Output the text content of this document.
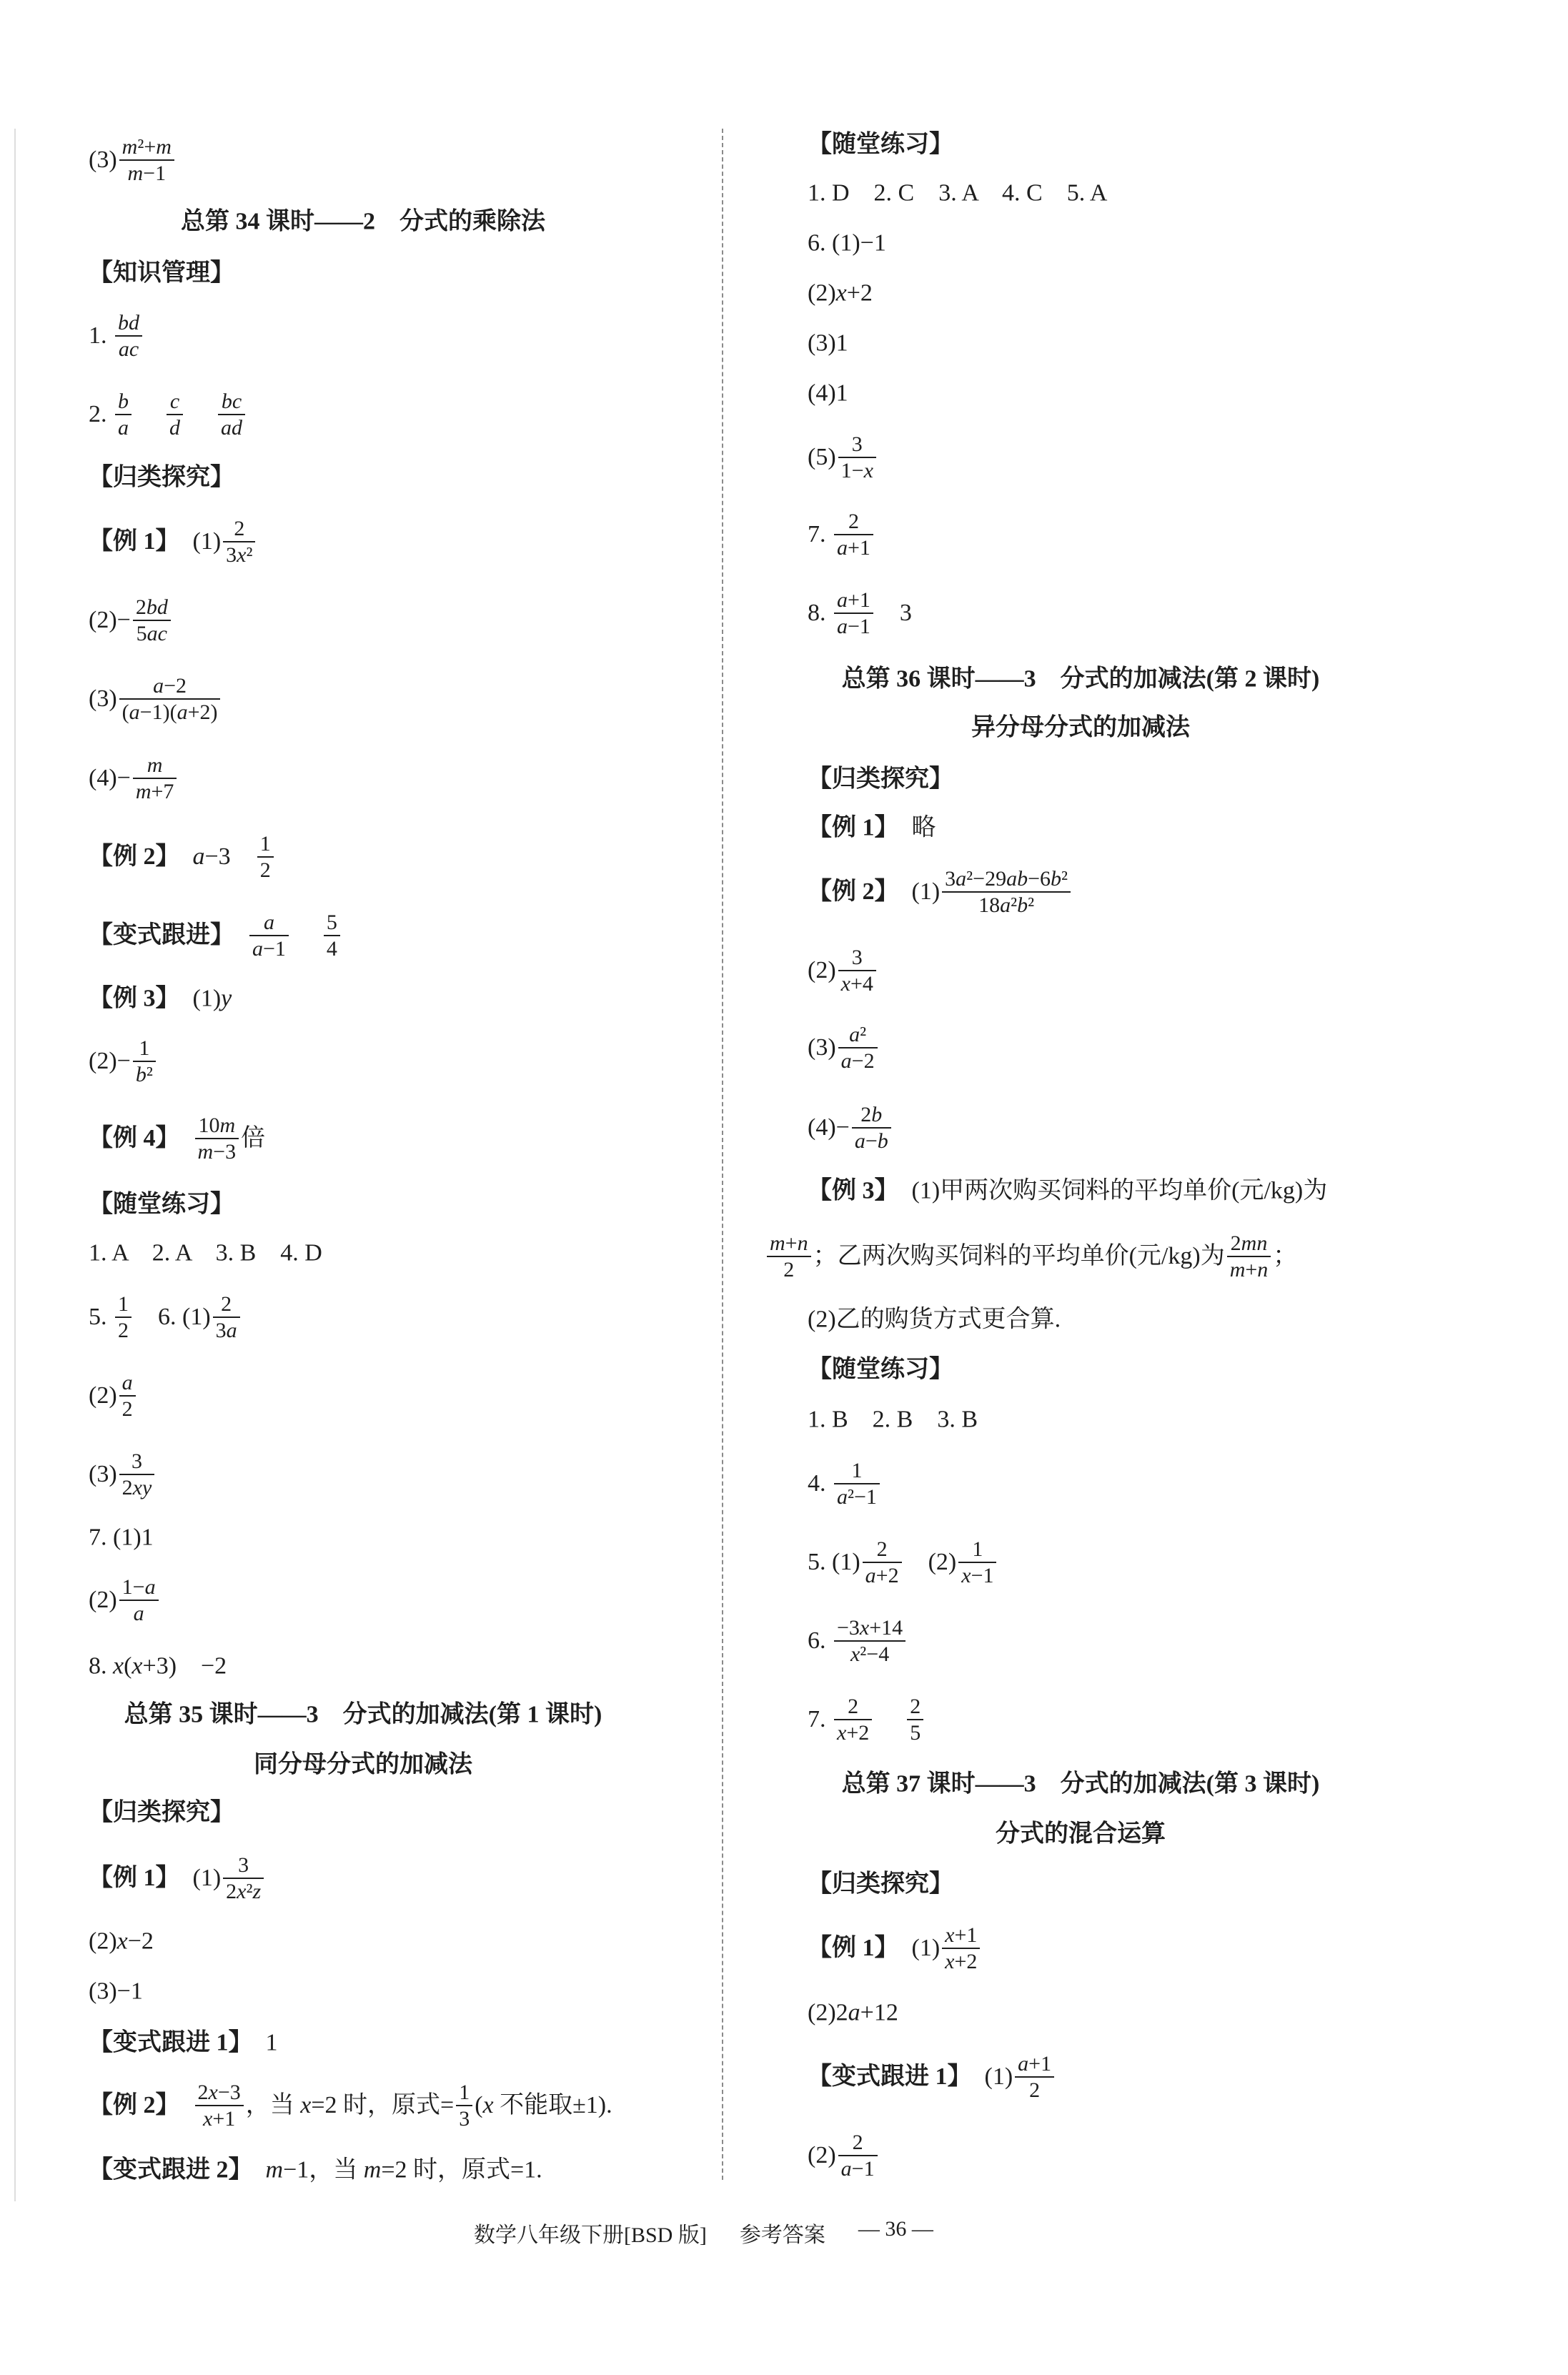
$(3) \frac{\text{m²+m}}{m-1}$
总第 34 课时——2　分式的乘除法
【知识管理】
1. $\frac{bd}{ac}$
2. $\frac{b}{a} \frac{c}{d} \frac{bc}{ad}$
【归类探究】
【例 1】 $(1) \frac{2}{\text{3x²}}$
$(2)- \frac{2bd}{5ac}$
$(3) \frac{a-2}{(a-1)(a+2)}$
$(4)- \frac{m}{m+7}$
【例 2】 a−3　 $\frac{1}{2}$
【变式跟进】 $\frac{a}{a-1} \frac{5}{4}$
【例 3】 (1)y
$(2)- \frac{1}{\text{b²}}$
【例 4】 $\frac{10m}{m-3}$ 倍
【随堂练习】
1. A　2. A　3. B　4. D
5. $\frac{1}{2}$ 　6. $(1) \frac{2}{3a}$
$(2) \frac{a}{2}$
$(3) \frac{3}{2xy}$
7. (1)1
$(2) \frac{1-a}{a}$
8. x(x+3)　−2
总第 35 课时——3　分式的加减法(第 1 课时)
同分母分式的加减法
【归类探究】
【例 1】 $(1) \frac{3}{\text{2x²z}}$
(2)x−2
(3)−1
【变式跟进 1】 1
【例 2】 $\frac{2x-3}{x+1}$ ，当 x=2 时，原式= $\frac{1}{3} (x$ 不能取±1).
【变式跟进 2】 m−1，当 m=2 时，原式=1.
【随堂练习】
1. D　2. C　3. A　4. C　5. A
6. (1)−1
(2)x+2
(3)1
(4)1
$(5) \frac{3}{1-x}$
7. $\frac{2}{a+1}$
8. $\frac{a+1}{a-1}$ 　3
总第 36 课时——3　分式的加减法(第 2 课时)
异分母分式的加减法
【归类探究】
【例 1】 略
【例 2】 $(1) \frac{\text{3a²−29ab−6b²}}{\text{18a²b²}}$
$(2) \frac{3}{x+4}$
$(3) \frac{\text{a²}}{a-2}$
$(4)- \frac{2b}{a-b}$
【例 3】 (1)甲两次购买饲料的平均单价(元/kg)为
$\frac{m+n}{2}$ ；乙两次购买饲料的平均单价(元/kg)为 $\frac{2mn}{m+n}$ ；
(2)乙的购货方式更合算.
【随堂练习】
1. B　2. B　3. B
4. $\frac{1}{\text{a²−1}}$
5. $(1) \frac{2}{a+2}$ 　$(2) \frac{1}{x-1}$
6. $\frac{-3x+14}{\text{x²−4}}$
7. $\frac{2}{x+2} \frac{2}{5}$
总第 37 课时——3　分式的加减法(第 3 课时)
分式的混合运算
【归类探究】
【例 1】 $(1) \frac{x+1}{x+2}$
(2)2a+12
【变式跟进 1】 $(1) \frac{a+1}{2}$
$(2) \frac{2}{a-1}$
数学八年级下册[BSD 版] 参考答案 — 36 —
